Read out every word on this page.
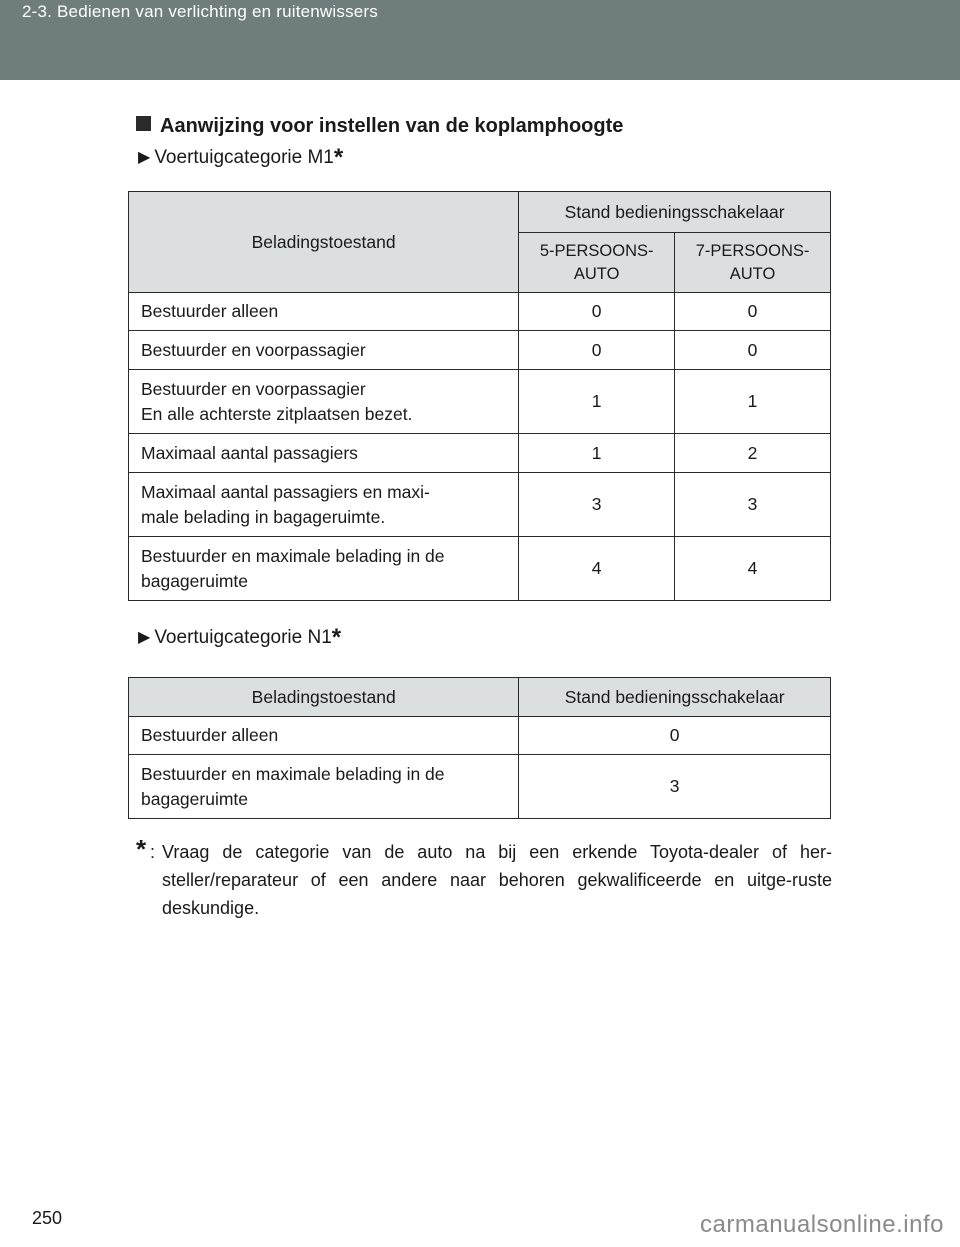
2-3. Bedienen van verlichting en ruitenwissers
Aanwijzing voor instellen van de koplamphoogte
▶ Voertuigcategorie M1*
Beladingstoestand	Stand bedieningsschakelaar	
	5-PERSOONS-AUTO	7-PERSOONS-AUTO

Bestuurder alleen	0	0

Bestuurder en voorpassagier	0	0

Bestuurder en voorpassagier
En alle achterste zitplaatsen bezet.	1	1

Maximaal aantal passagiers	1	2

Maximaal aantal passagiers en maxi-
male belading in bagageruimte.	3	3

Bestuurder en maximale belading in de
bagageruimte	4	4
▶ Voertuigcategorie N1*
Beladingstoestand	Stand bedieningsschakelaar

Bestuurder alleen	0

Bestuurder en maximale belading in de
bagageruimte	3
* : Vraag de categorie van de auto na bij een erkende Toyota-dealer of her-steller/reparateur of een andere naar behoren gekwalificeerde en uitge-ruste deskundige.
250	carmanualsonline.info
